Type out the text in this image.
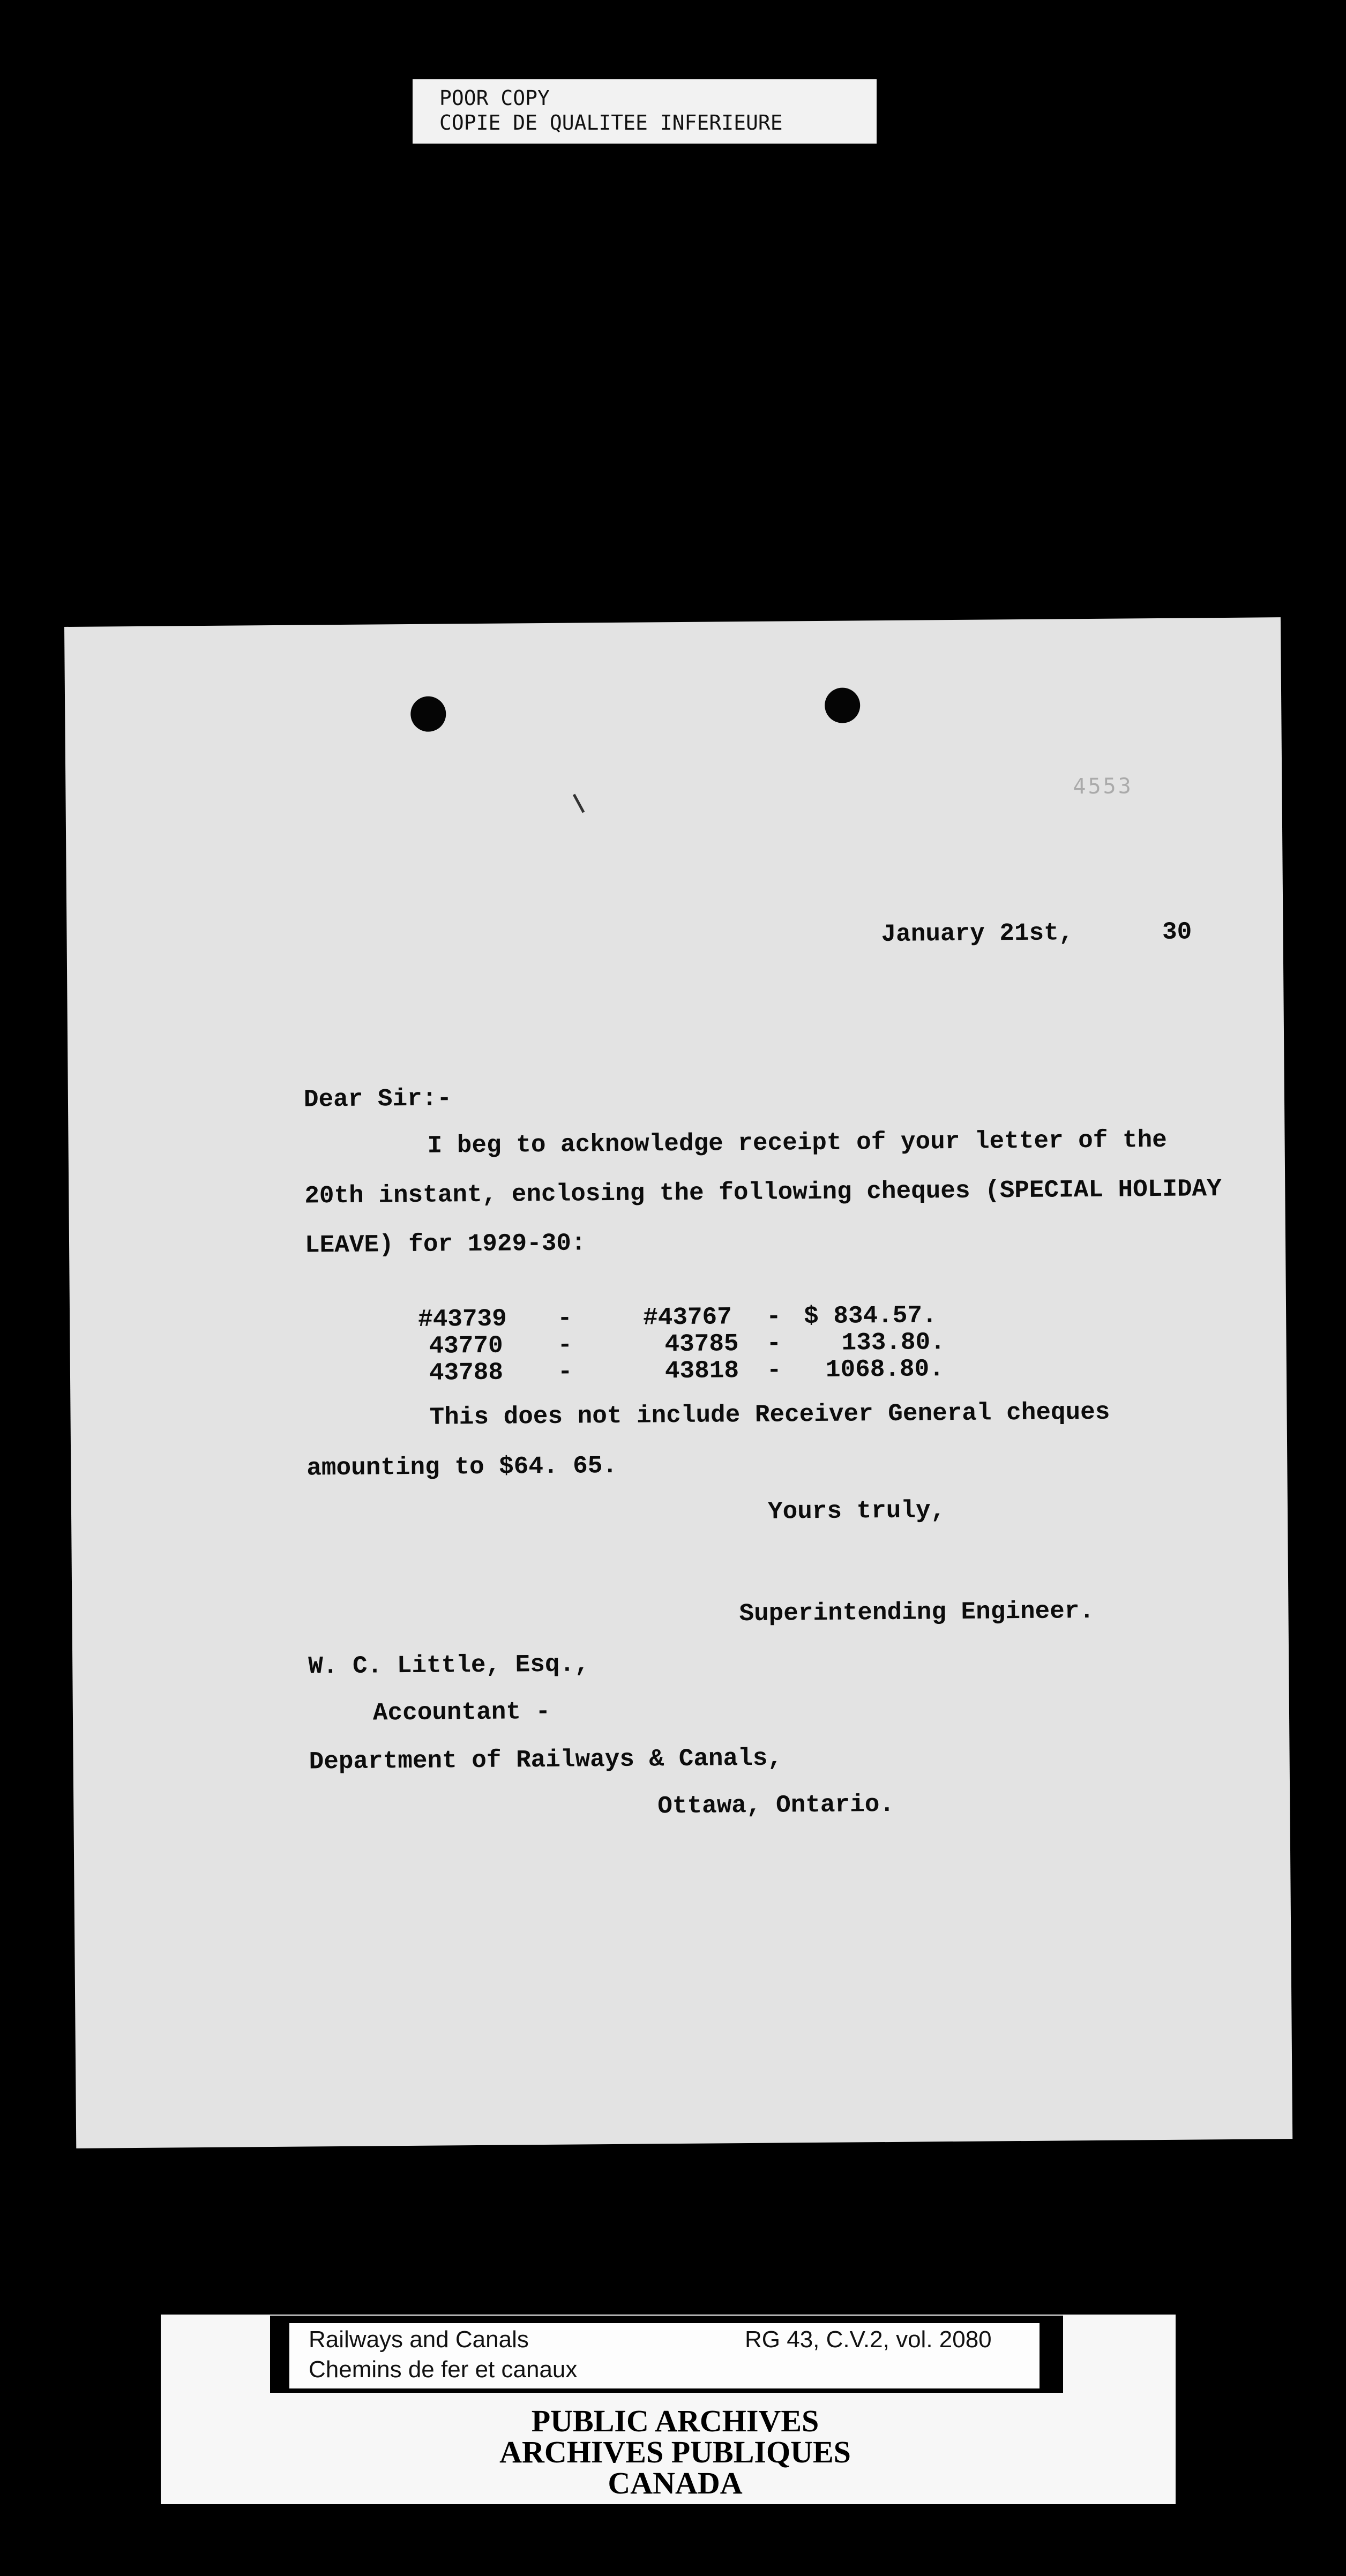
POOR COPY
COPIE DE QUALITEE INFERIEURE
4553
January 21st,      30
Dear Sir:-
I beg to acknowledge receipt of your letter of the
20th instant, enclosing the following cheques (SPECIAL HOLIDAY
LEAVE) for 1929-30:
#43739 -	#43767 - $ 834.57.
43770 -	43785 - 133.80.
43788 -	43818 - 1068.80.
This does not include Receiver General cheques
amounting to $64. 65.
Yours truly,
Superintending Engineer.
W. C. Little, Esq.,
Accountant -
Department of Railways & Canals,
Ottawa, Ontario.
Railways and Canals
Chemins de fer et canaux
RG 43, C.V.2, vol. 2080
PUBLIC ARCHIVES
ARCHIVES PUBLIQUES
CANADA
